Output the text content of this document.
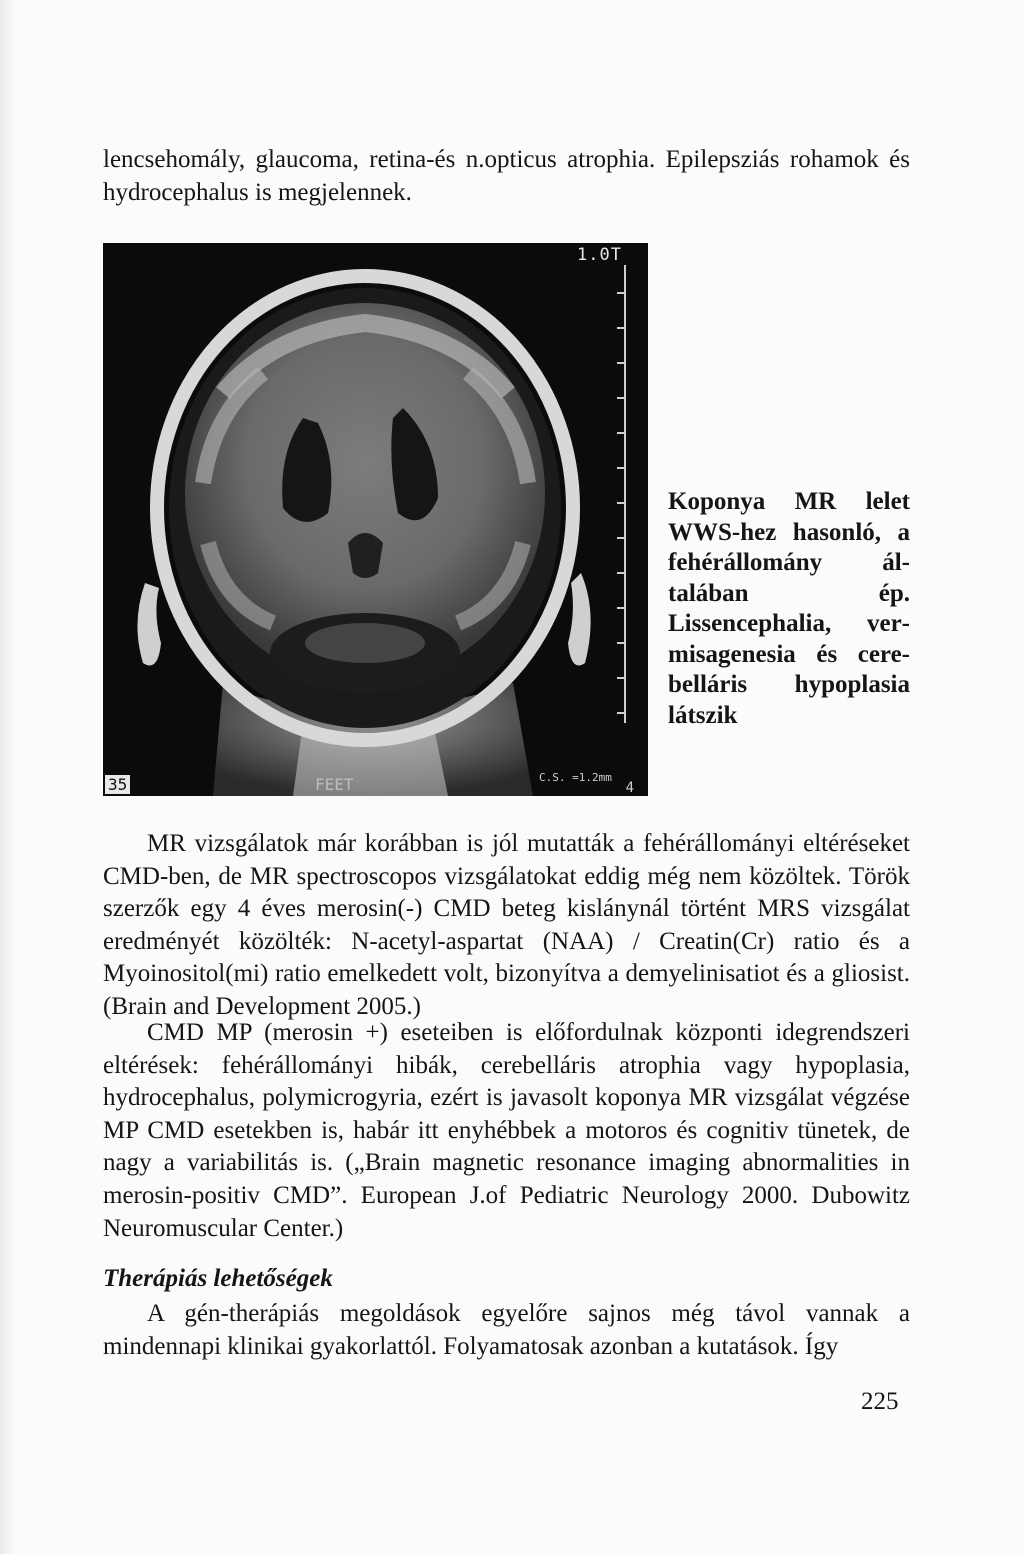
lencsehomály, glaucoma, retina-és n.opticus atrophia. Epilepsziás rohamok és hydrocephalus is megjelennek.

1.0T
35	FEET	C.S. =1.2mm
4

Koponya MR lelet WWS-hez hasonló, a fehérállomány általában ép. Lissencephalia, vermisagenesia és cerebelláris hypoplasia látszik

MR vizsgálatok már korábban is jól mutatták a fehérállományi eltéréseket CMD-ben, de MR spectroscopos vizsgálatokat eddig még nem közöltek. Török szerzők egy 4 éves merosin(-) CMD beteg kislánynál történt MRS vizsgálat eredményét közölték: N-acetyl-aspartat (NAA) / Creatin(Cr) ratio és a Myoinositol(mi) ratio emelkedett volt, bizonyítva a demyelinisatiot és a gliosist. (Brain and Development 2005.)

CMD MP (merosin +) eseteiben is előfordulnak központi idegrendszeri eltérések: fehérállományi hibák, cerebelláris atrophia vagy hypoplasia, hydrocephalus, polymicrogyria, ezért is javasolt koponya MR vizsgálat végzése MP CMD esetekben is, habár itt enyhébbek a motoros és cognitiv tünetek, de nagy a variabilitás is. („Brain magnetic resonance imaging abnormalities in merosin-positiv CMD”. European J.of Pediatric Neurology 2000. Dubowitz Neuromuscular Center.)

Therápiás lehetőségek

A gén-therápiás megoldások egyelőre sajnos még távol vannak a mindennapi klinikai gyakorlattól. Folyamatosak azonban a kutatások. Így

225
